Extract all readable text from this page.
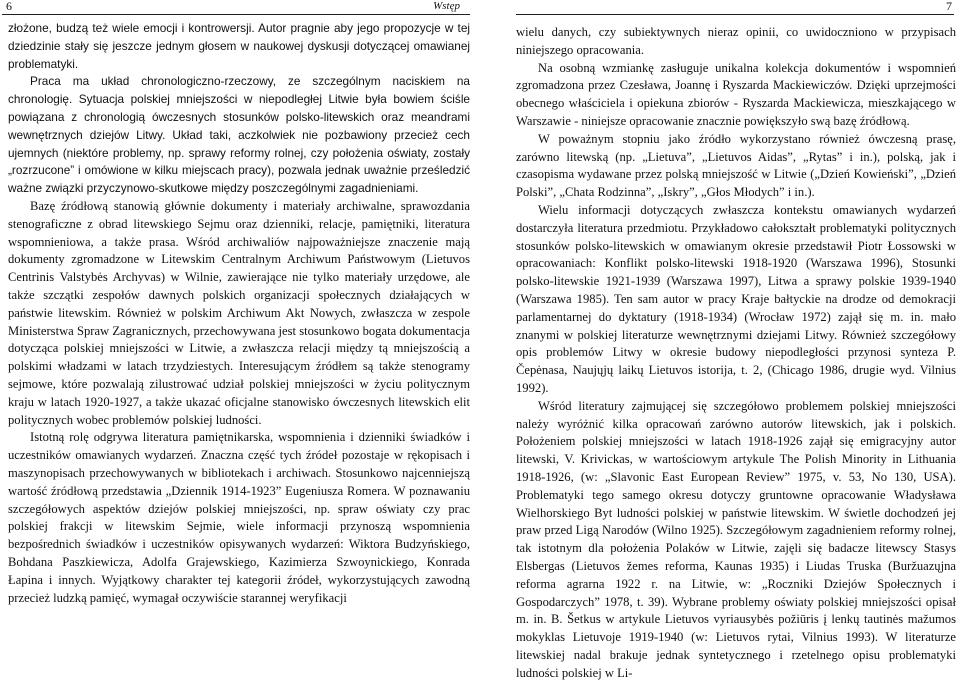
6	Wstęp

złożone, budzą też wiele emocji i kontrowersji. Autor pragnie aby jego propozycje w tej dziedzinie stały się jeszcze jednym głosem w naukowej dyskusji dotyczącej omawianej problematyki.

Praca ma układ chronologiczno-rzeczowy, ze szczególnym naciskiem na chronologię. Sytuacja polskiej mniejszości w niepodległej Litwie była bowiem ściśle powiązana z chronologią ówczesnych stosunków polsko-litewskich oraz meandrami wewnętrznych dziejów Litwy. Układ taki, aczkolwiek nie pozbawiony przecież cech ujemnych (niektóre problemy, np. sprawy reformy rolnej, czy położenia oświaty, zostały „rozrzucone” i omówione w kilku miejscach pracy), pozwala jednak uważnie prześledzić ważne związki przyczynowo-skutkowe między poszczególnymi zagadnieniami.

Bazę źródłową stanowią głównie dokumenty i materiały archiwalne, sprawozdania stenograficzne z obrad litewskiego Sejmu oraz dzienniki, relacje, pamiętniki, literatura wspomnieniowa, a także prasa. Wśród archiwaliów najpoważniejsze znaczenie mają dokumenty zgromadzone w Litewskim Centralnym Archiwum Państwowym (Lietuvos Centrinis Valstybės Archyvas) w Wilnie, zawierające nie tylko materiały urzędowe, ale także szczątki zespołów dawnych polskich organizacji społecznych działających w państwie litewskim. Również w polskim Archiwum Akt Nowych, zwłaszcza w zespole Ministerstwa Spraw Zagranicznych, przechowywana jest stosunkowo bogata dokumentacja dotycząca polskiej mniejszości w Litwie, a zwłaszcza relacji między tą mniejszością a polskimi władzami w latach trzydziestych. Interesującym źródłem są także stenogramy sejmowe, które pozwalają zilustrować udział polskiej mniejszości w życiu politycznym kraju w latach 1920-1927, a także ukazać oficjalne stanowisko ówczesnych litewskich elit politycznych wobec problemów polskiej ludności.

Istotną rolę odgrywa literatura pamiętnikarska, wspomnienia i dzienniki świadków i uczestników omawianych wydarzeń. Znaczna część tych źródeł pozostaje w rękopisach i maszynopisach przechowywanych w bibliotekach i archiwach. Stosunkowo najcenniejszą wartość źródłową przedstawia „Dziennik 1914-1923” Eugeniusza Romera. W poznawaniu szczegółowych aspektów dziejów polskiej mniejszości, np. spraw oświaty czy prac polskiej frakcji w litewskim Sejmie, wiele informacji przynoszą wspomnienia bezpośrednich świadków i uczestników opisywanych wydarzeń: Wiktora Budzyńskiego, Bohdana Paszkiewicza, Adolfa Grajewskiego, Kazimierza Szwoynickiego, Konrada Łapina i innych. Wyjątkowy charakter tej kategorii źródeł, wykorzystujących zawodną przecież ludzką pamięć, wymagał oczywiście starannej weryfikacji

7

wielu danych, czy subiektywnych nieraz opinii, co uwidoczniono w przypisach niniejszego opracowania.

Na osobną wzmiankę zasługuje unikalna kolekcja dokumentów i wspomnień zgromadzona przez Czesława, Joannę i Ryszarda Mackiewiczów. Dzięki uprzejmości obecnego właściciela i opiekuna zbiorów - Ryszarda Mackiewicza, mieszkającego w Warszawie - niniejsze opracowanie znacznie powiększyło swą bazę źródłową.

W poważnym stopniu jako źródło wykorzystano również ówczesną prasę, zarówno litewską (np. „Lietuva”, „Lietuvos Aidas”, „Rytas” i in.), polską, jak i czasopisma wydawane przez polską mniejszość w Litwie („Dzień Kowieński”, „Dzień Polski”, „Chata Rodzinna”, „Iskry”, „Głos Młodych” i in.).

Wielu informacji dotyczących zwłaszcza kontekstu omawianych wydarzeń dostarczyła literatura przedmiotu. Przykładowo całokształt problematyki politycznych stosunków polsko-litewskich w omawianym okresie przedstawił Piotr Łossowski w opracowaniach: Konflikt polsko-litewski 1918-1920 (Warszawa 1996), Stosunki polsko-litewskie 1921-1939 (Warszawa 1997), Litwa a sprawy polskie 1939-1940 (Warszawa 1985). Ten sam autor w pracy Kraje bałtyckie na drodze od demokracji parlamentarnej do dyktatury (1918-1934) (Wrocław 1972) zajął się m. in. mało znanymi w polskiej literaturze wewnętrznymi dziejami Litwy. Również szczegółowy opis problemów Litwy w okresie budowy niepodległości przynosi synteza P. Čepėnasa, Naujųjų laikų Lietuvos istorija, t. 2, (Chicago 1986, drugie wyd. Vilnius 1992).

Wśród literatury zajmującej się szczegółowo problemem polskiej mniejszości należy wyróżnić kilka opracowań zarówno autorów litewskich, jak i polskich. Położeniem polskiej mniejszości w latach 1918-1926 zajął się emigracyjny autor litewski, V. Krivickas, w wartościowym artykule The Polish Minority in Lithuania 1918-1926, (w: „Slavonic East European Review” 1975, v. 53, No 130, USA). Problematyki tego samego okresu dotyczy gruntowne opracowanie Władysława Wielhorskiego Byt ludności polskiej w państwie litewskim. W świetle dochodzeń jej praw przed Ligą Narodów (Wilno 1925). Szczegółowym zagadnieniem reformy rolnej, tak istotnym dla położenia Polaków w Litwie, zajęli się badacze litewscy Stasys Elsbergas (Lietuvos žemes reforma, Kaunas 1935) i Liudas Truska (Buržuazųjna reforma agrarna 1922 r. na Litwie, w: „Roczniki Dziejów Społecznych i Gospodarczych” 1978, t. 39). Wybrane problemy oświaty polskiej mniejszości opisał m. in. B. Šetkus w artykule Lietuvos vyriausybės požiūris į lenkų tautinės mažumos mokyklas Lietuvoje 1919-1940 (w: Lietuvos rytai, Vilnius 1993). W literaturze litewskiej nadal brakuje jednak syntetycznego i rzetelnego opisu problematyki ludności polskiej w Li-
